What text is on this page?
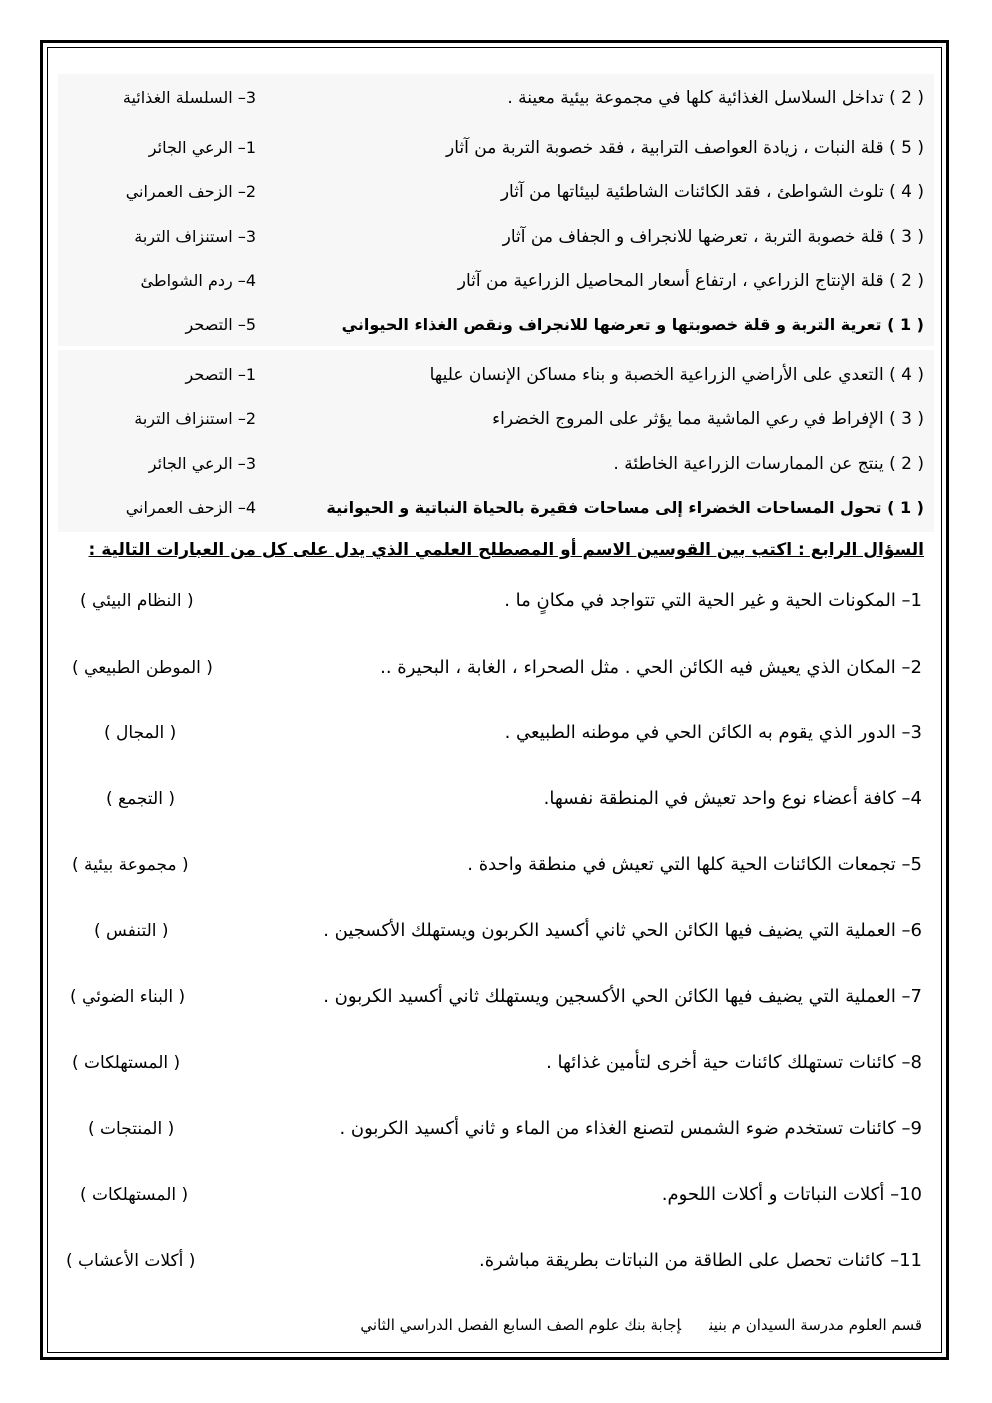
( 2 ) تداخل السلاسل الغذائية كلها في مجموعة بيئية معينة .
3– السلسلة الغذائية
( 5 ) قلة النبات ، زيادة العواصف الترابية ، فقد خصوبة التربة من آثار
1– الرعي الجائر
( 4 ) تلوث الشواطئ ، فقد الكائنات الشاطئية لبيئاتها من آثار
2– الزحف العمراني
( 3 ) قلة خصوبة التربة ، تعرضها للانجراف و الجفاف من آثار
3– استنزاف التربة
( 2 ) قلة الإنتاج الزراعي ، ارتفاع أسعار المحاصيل الزراعية من آثار
4– ردم الشواطئ
( 1 ) تعرية التربة و قلة خصوبتها و تعرضها للانجراف ونقص الغذاء الحيواني
5– التصحر
( 4 ) التعدي على الأراضي الزراعية الخصبة و بناء مساكن الإنسان عليها
1– التصحر
( 3 ) الإفراط في رعي الماشية مما يؤثر على المروج الخضراء
2– استنزاف التربة
( 2 ) ينتج عن الممارسات الزراعية الخاطئة .
3– الرعي الجائر
( 1 ) تحول المساحات الخضراء إلى مساحات فقيرة بالحياة النباتية و الحيوانية
4– الزحف العمراني
السؤال الرابع : اكتب بين القوسين الاسم أو المصطلح العلمي الذي يدل على كل من العبارات التالية :
1– المكونات الحية و غير الحية التي تتواجد في مكانٍ ما .
( النظام البيئي )
2– المكان الذي يعيش فيه الكائن الحي . مثل الصحراء ، الغابة ، البحيرة ..
( الموطن الطبيعي )
3– الدور الذي يقوم به الكائن الحي في موطنه الطبيعي .
( المجال )
4– كافة أعضاء نوع واحد تعيش في المنطقة نفسها.
( التجمع )
5– تجمعات الكائنات الحية كلها التي تعيش في منطقة واحدة .
( مجموعة بيئية )
6– العملية التي يضيف فيها الكائن الحي ثاني أكسيد الكربون ويستهلك الأكسجين .
( التنفس )
7– العملية التي يضيف فيها الكائن الحي الأكسجين ويستهلك ثاني أكسيد الكربون .
( البناء الضوئي )
8– كائنات تستهلك كائنات حية أخرى لتأمين غذائها .
( المستهلكات )
9– كائنات تستخدم ضوء الشمس لتصنع الغذاء من الماء و ثاني أكسيد الكربون .
( المنتجات )
10– أكلات النباتات و أكلات اللحوم.
( المستهلكات )
11– كائنات تحصل على الطاقة من النباتات بطريقة مباشرة.
( أكلات الأعشاب )
قسم العلوم مدرسة السيدان م بنينإجابة بنك علوم الصف السابع الفصل الدراسي الثاني
